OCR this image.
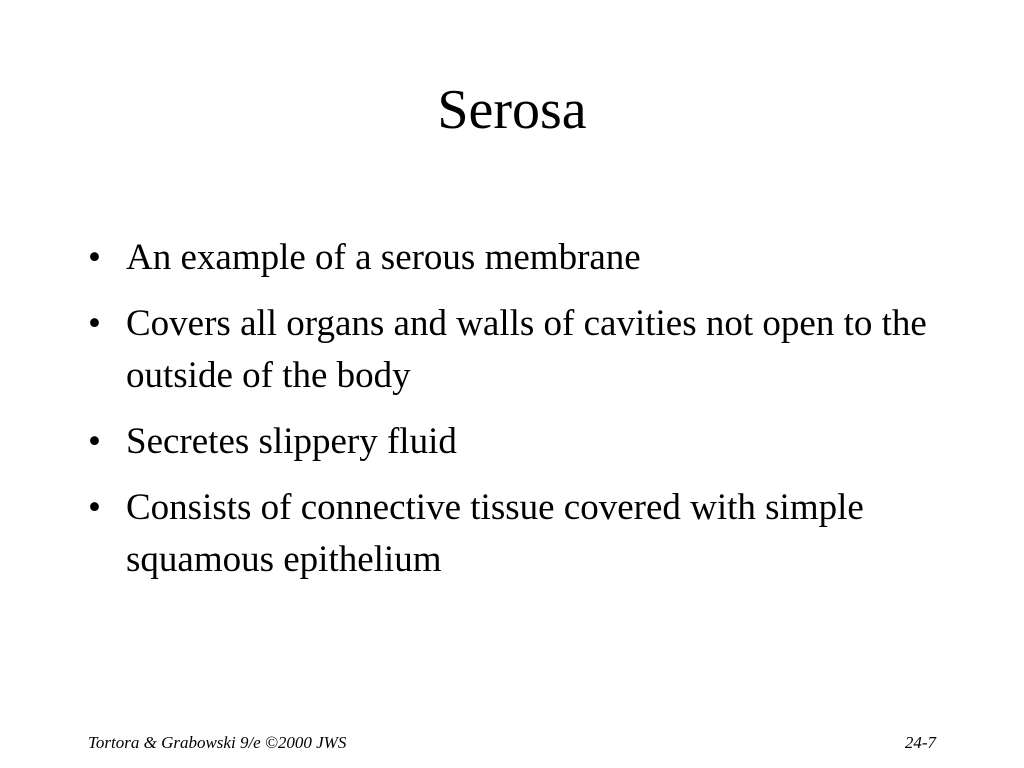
Serosa
• An example of a serous membrane
• Covers all organs and walls of cavities not open to the outside of the body
• Secretes slippery fluid
• Consists of connective tissue covered with simple squamous epithelium
Tortora & Grabowski 9/e ©2000 JWS	24-7
